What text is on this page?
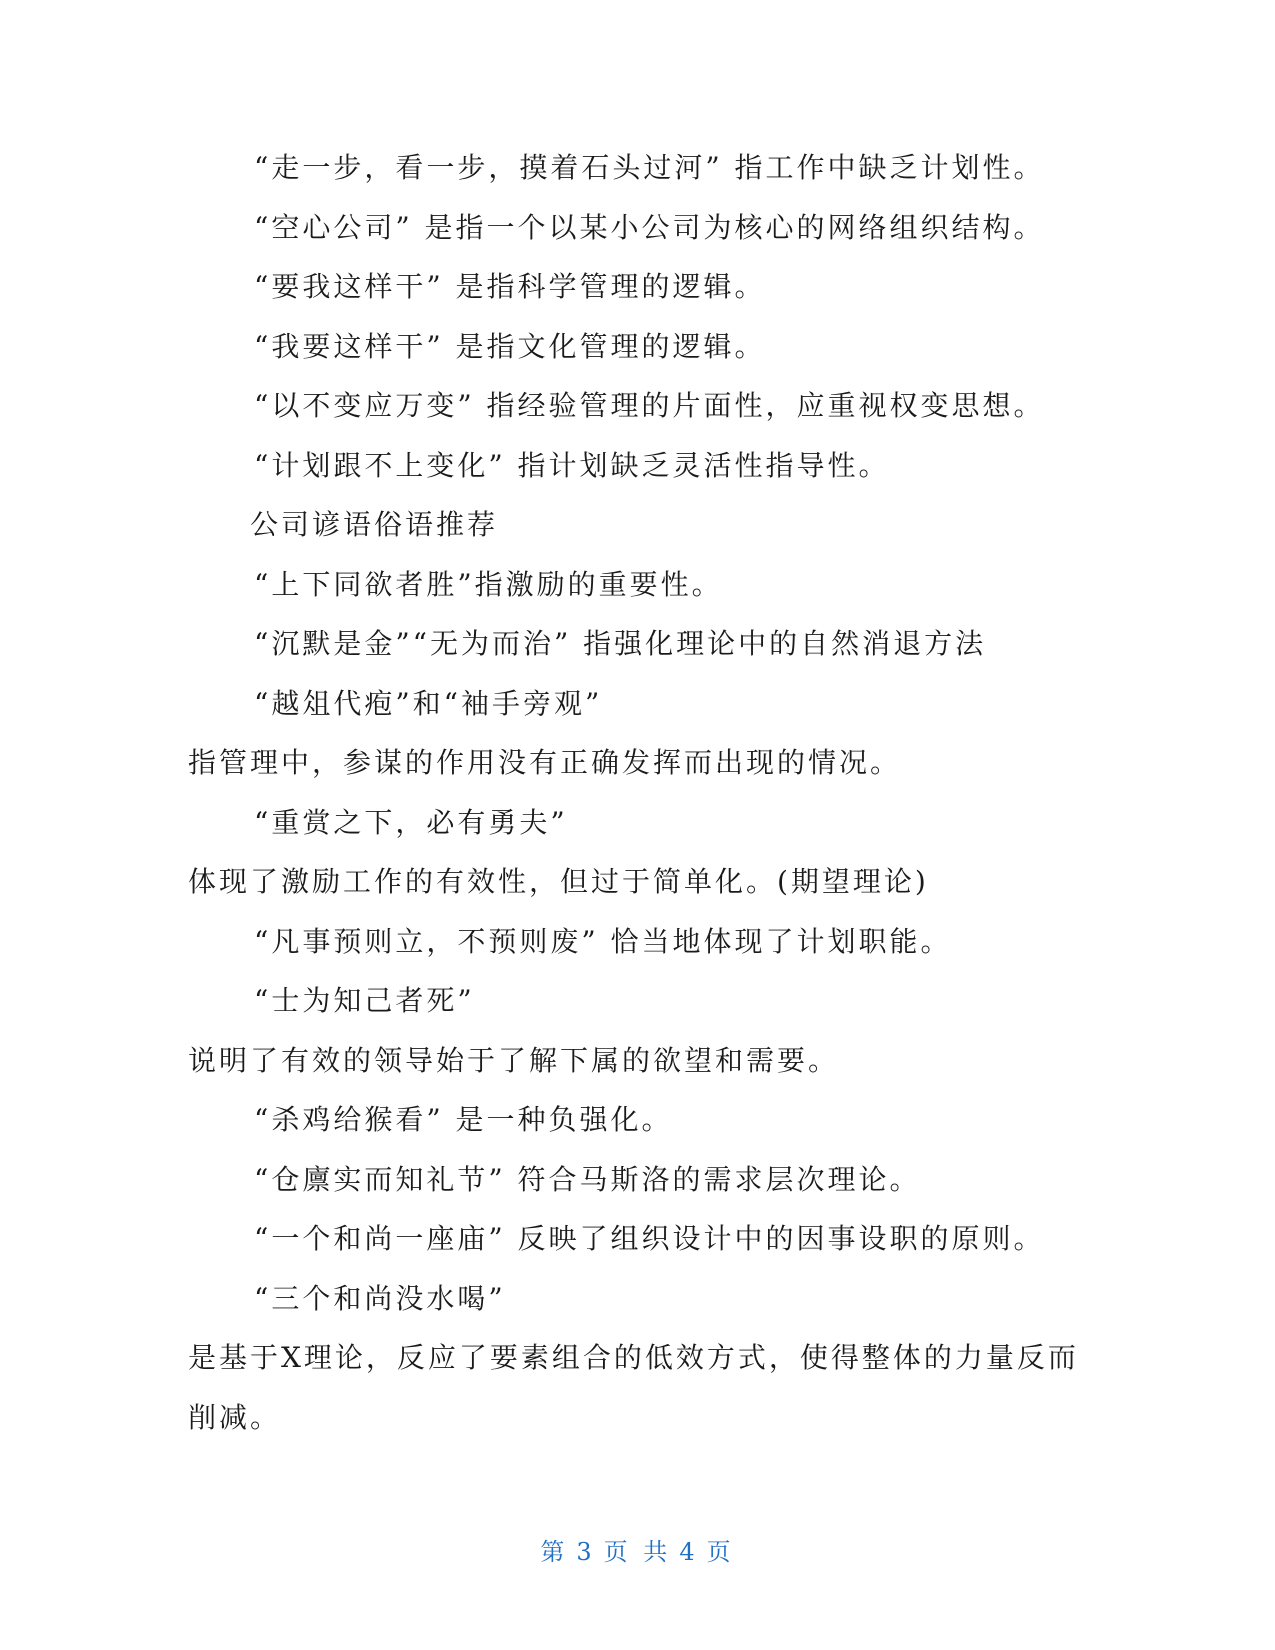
“走一步，看一步，摸着石头过河” 指工作中缺乏计划性。
“空心公司” 是指一个以某小公司为核心的网络组织结构。
“要我这样干” 是指科学管理的逻辑。
“我要这样干” 是指文化管理的逻辑。
“以不变应万变” 指经验管理的片面性，应重视权变思想。
“计划跟不上变化” 指计划缺乏灵活性指导性。
公司谚语俗语推荐
“上下同欲者胜”指激励的重要性。
“沉默是金”“无为而治” 指强化理论中的自然消退方法
“越俎代疱”和“袖手旁观”
指管理中，参谋的作用没有正确发挥而出现的情况。
“重赏之下，必有勇夫”
体现了激励工作的有效性，但过于简单化。(期望理论)
“凡事预则立，不预则废” 恰当地体现了计划职能。
“士为知己者死”
说明了有效的领导始于了解下属的欲望和需要。
“杀鸡给猴看” 是一种负强化。
“仓廪实而知礼节” 符合马斯洛的需求层次理论。
“一个和尚一座庙” 反映了组织设计中的因事设职的原则。
“三个和尚没水喝”
是基于X理论，反应了要素组合的低效方式，使得整体的力量反而
削减。
第 3 页 共 4 页
